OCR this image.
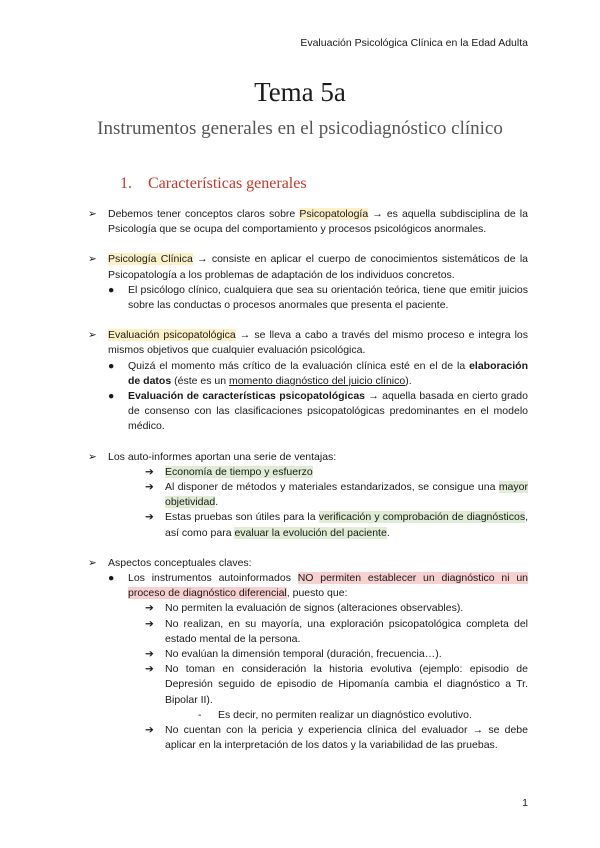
Evaluación Psicológica Clínica en la Edad Adulta
Tema 5a
Instrumentos generales en el psicodiagnóstico clínico
1. Características generales
➢ Debemos tener conceptos claros sobre Psicopatología → es aquella subdisciplina de la Psicología que se ocupa del comportamiento y procesos psicológicos anormales.
➢ Psicología Clínica → consiste en aplicar el cuerpo de conocimientos sistemáticos de la Psicopatología a los problemas de adaptación de los individuos concretos.
● El psicólogo clínico, cualquiera que sea su orientación teórica, tiene que emitir juicios sobre las conductas o procesos anormales que presenta el paciente.
➢ Evaluación psicopatológica → se lleva a cabo a través del mismo proceso e integra los mismos objetivos que cualquier evaluación psicológica.
● Quizá el momento más crítico de la evaluación clínica esté en el de la elaboración de datos (éste es un momento diagnóstico del juicio clínico).
● Evaluación de características psicopatológicas → aquella basada en cierto grado de consenso con las clasificaciones psicopatológicas predominantes en el modelo médico.
➢ Los auto-informes aportan una serie de ventajas:
➔ Economía de tiempo y esfuerzo
➔ Al disponer de métodos y materiales estandarizados, se consigue una mayor objetividad.
➔ Estas pruebas son útiles para la verificación y comprobación de diagnósticos, así como para evaluar la evolución del paciente.
➢ Aspectos conceptuales claves:
● Los instrumentos autoinformados NO permiten establecer un diagnóstico ni un proceso de diagnóstico diferencial, puesto que:
➔ No permiten la evaluación de signos (alteraciones observables).
➔ No realizan, en su mayoría, una exploración psicopatológica completa del estado mental de la persona.
➔ No evalúan la dimensión temporal (duración, frecuencia…).
➔ No toman en consideración la historia evolutiva (ejemplo: episodio de Depresión seguido de episodio de Hipomanía cambia el diagnóstico a Tr. Bipolar II).
- Es decir, no permiten realizar un diagnóstico evolutivo.
➔ No cuentan con la pericia y experiencia clínica del evaluador → se debe aplicar en la interpretación de los datos y la variabilidad de las pruebas.
1
